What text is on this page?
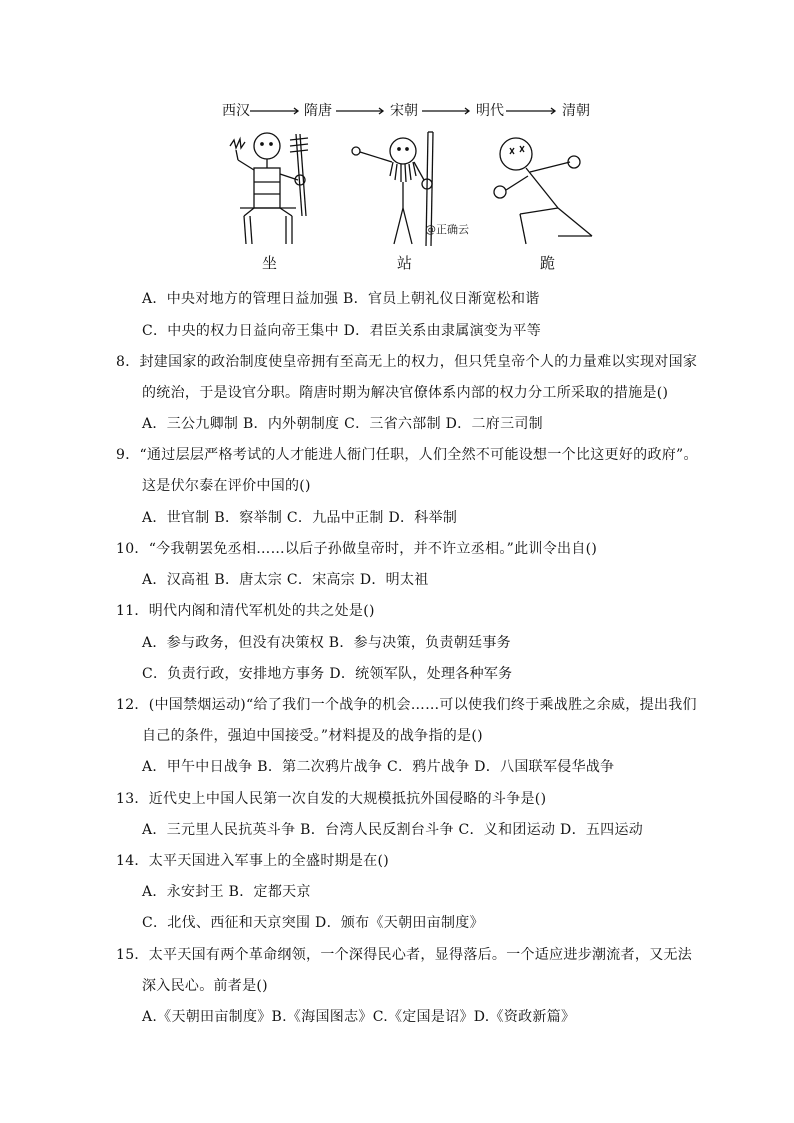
西汉	隋唐	宋朝	明代	清朝
坐	站	跪
@正确云
A．中央对地方的管理日益加强 B．官员上朝礼仪日渐宽松和谐
C．中央的权力日益向帝王集中 D．君臣关系由隶属演变为平等
8．封建国家的政治制度使皇帝拥有至高无上的权力，但只凭皇帝个人的力量难以实现对国家
的统治，于是设官分职。隋唐时期为解决官僚体系内部的权力分工所采取的措施是()
A．三公九卿制 B．内外朝制度 C．三省六部制 D．二府三司制
9．“通过层层严格考试的人才能进人衙门任职，人们全然不可能设想一个比这更好的政府”。
这是伏尔泰在评价中国的()
A．世官制 B．察举制 C．九品中正制 D．科举制
10．“今我朝罢免丞相……以后子孙做皇帝时，并不许立丞相。”此训令出自()
A．汉高祖 B．唐太宗 C．宋高宗 D．明太祖
11．明代内阁和清代军机处的共之处是()
A．参与政务，但没有决策权 B．参与决策，负责朝廷事务
C．负责行政，安排地方事务 D．统领军队，处理各种军务
12．(中国禁烟运动)“给了我们一个战争的机会……可以使我们终于乘战胜之余威，提出我们
自己的条件，强迫中国接受。”材料提及的战争指的是()
A．甲午中日战争 B．第二次鸦片战争 C．鸦片战争 D．八国联军侵华战争
13．近代史上中国人民第一次自发的大规模抵抗外国侵略的斗争是()
A．三元里人民抗英斗争 B．台湾人民反割台斗争 C．义和团运动 D．五四运动
14．太平天国进入军事上的全盛时期是在()
A．永安封王 B．定都天京
C．北伐、西征和天京突围 D．颁布《天朝田亩制度》
15．太平天国有两个革命纲领，一个深得民心者，显得落后。一个适应进步潮流者，又无法
深入民心。前者是()
A.《天朝田亩制度》B.《海国图志》C.《定国是诏》D.《资政新篇》
